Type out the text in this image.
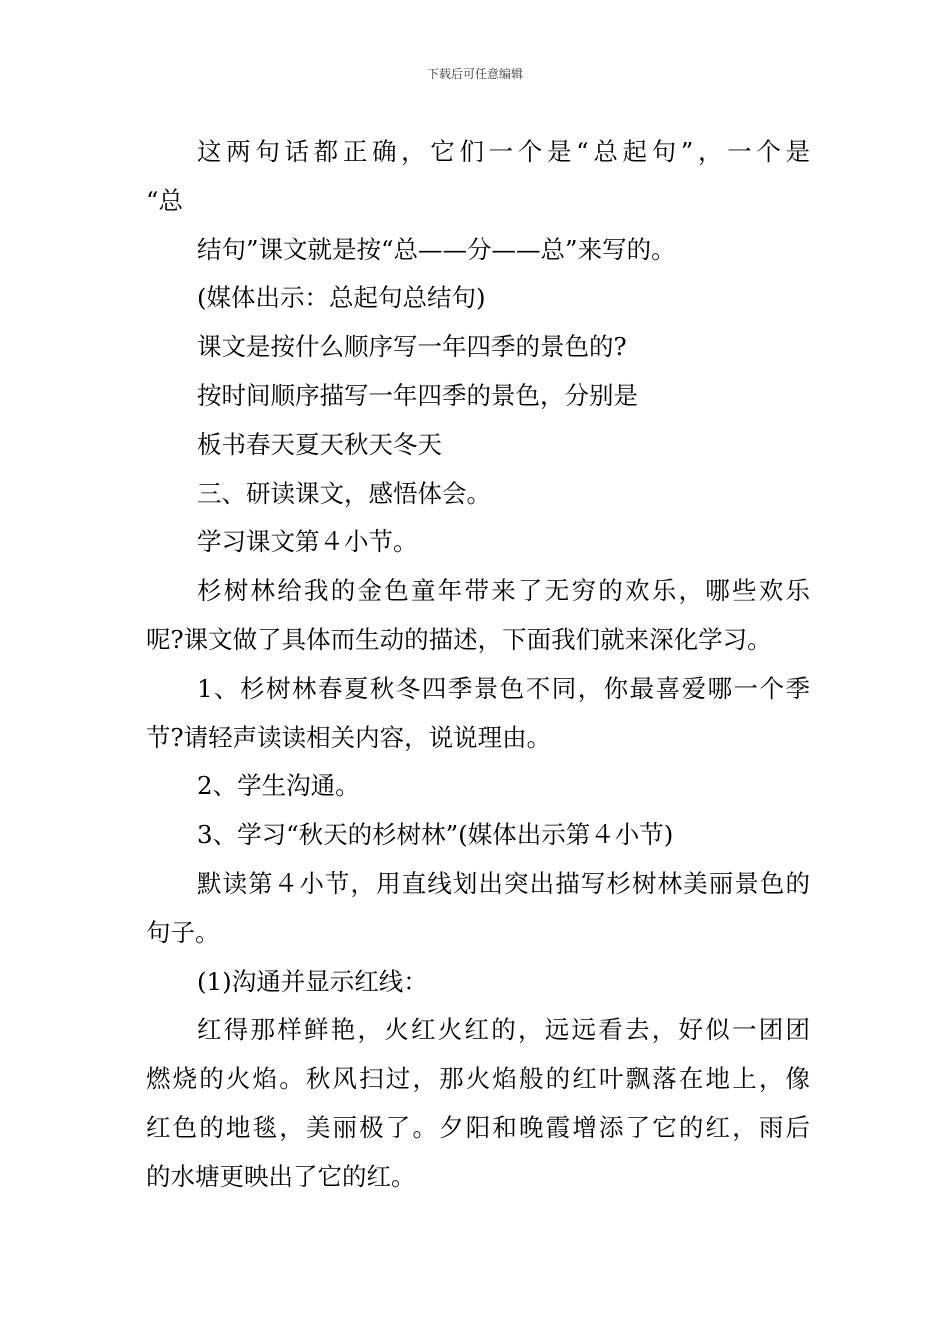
下载后可任意编辑
这两句话都正确，它们一个是“总起句”，一个是
“总
结句”课文就是按“总——分——总”来写的。
(媒体出示：总起句总结句)
课文是按什么顺序写一年四季的景色的?
按时间顺序描写一年四季的景色，分别是
板书春天夏天秋天冬天
三、研读课文，感悟体会。
学习课文第４小节。
杉树林给我的金色童年带来了无穷的欢乐，哪些欢乐
呢?课文做了具体而生动的描述，下面我们就来深化学习。
1、杉树林春夏秋冬四季景色不同，你最喜爱哪一个季
节?请轻声读读相关内容，说说理由。
2、学生沟通。
3、学习“秋天的杉树林”(媒体出示第４小节)
默读第４小节，用直线划出突出描写杉树林美丽景色的
句子。
(1)沟通并显示红线：
红得那样鲜艳，火红火红的，远远看去，好似一团团
燃烧的火焰。秋风扫过，那火焰般的红叶飘落在地上，像
红色的地毯，美丽极了。夕阳和晚霞增添了它的红，雨后
的水塘更映出了它的红。
